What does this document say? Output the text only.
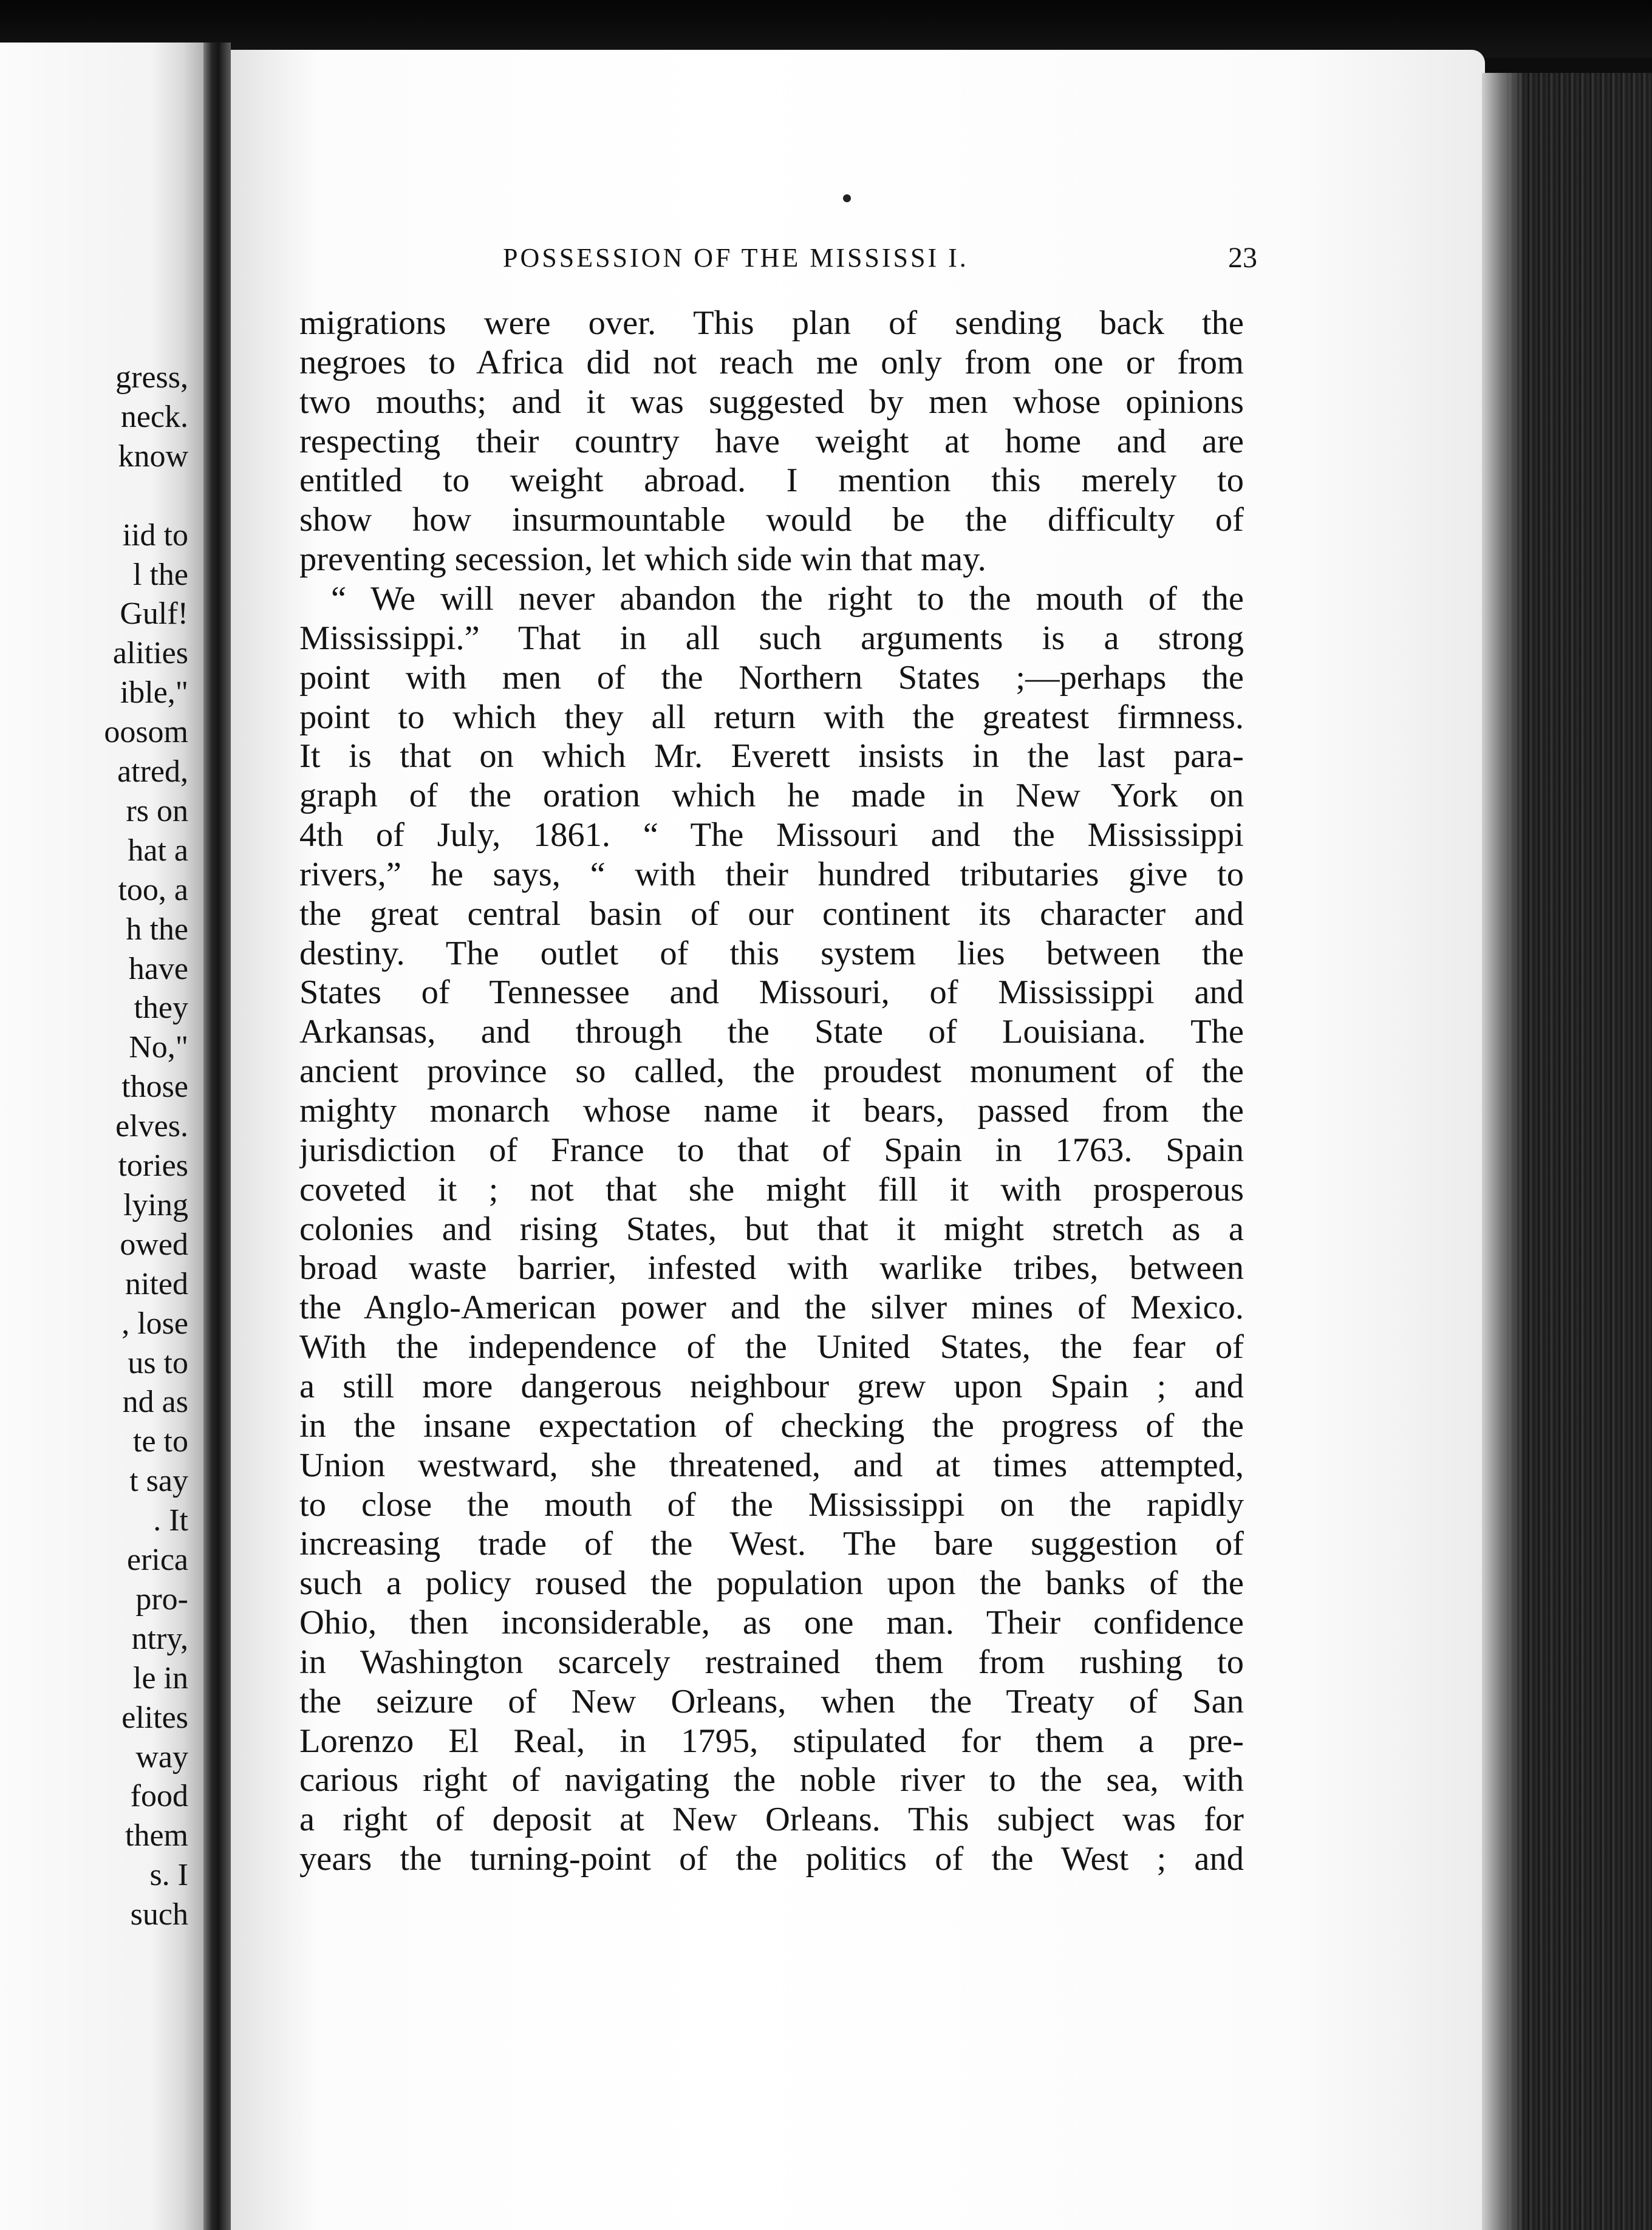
gress,
neck.
know
iid to
l the
Gulf!
alities
ible,"
oosom
atred,
rs on
hat a
too, a
h the
have
they
No,"
those
elves.
tories
lying
owed
nited
, lose
us to
nd as
te to
t say
. It
erica
pro-
ntry,
le in
elites
way
food
them
s. I
such
POSSESSION OF THE MISSISSI I.	23
migrations were over. This plan of sending back the
negroes to Africa did not reach me only from one or from
two mouths; and it was suggested by men whose opinions
respecting their country have weight at home and are
entitled to weight abroad. I mention this merely to
show how insurmountable would be the difficulty of
preventing secession, let which side win that may.
“ We will never abandon the right to the mouth of the
Mississippi.” That in all such arguments is a strong
point with men of the Northern States ;—perhaps the
point to which they all return with the greatest firmness.
It is that on which Mr. Everett insists in the last para-
graph of the oration which he made in New York on
4th of July, 1861. “ The Missouri and the Mississippi
rivers,” he says, “ with their hundred tributaries give to
the great central basin of our continent its character and
destiny. The outlet of this system lies between the
States of Tennessee and Missouri, of Mississippi and
Arkansas, and through the State of Louisiana. The
ancient province so called, the proudest monument of the
mighty monarch whose name it bears, passed from the
jurisdiction of France to that of Spain in 1763. Spain
coveted it ; not that she might fill it with prosperous
colonies and rising States, but that it might stretch as a
broad waste barrier, infested with warlike tribes, between
the Anglo-American power and the silver mines of Mexico.
With the independence of the United States, the fear of
a still more dangerous neighbour grew upon Spain ; and
in the insane expectation of checking the progress of the
Union westward, she threatened, and at times attempted,
to close the mouth of the Mississippi on the rapidly
increasing trade of the West. The bare suggestion of
such a policy roused the population upon the banks of the
Ohio, then inconsiderable, as one man. Their confidence
in Washington scarcely restrained them from rushing to
the seizure of New Orleans, when the Treaty of San
Lorenzo El Real, in 1795, stipulated for them a pre-
carious right of navigating the noble river to the sea, with
a right of deposit at New Orleans. This subject was for
years the turning-point of the politics of the West ; and
